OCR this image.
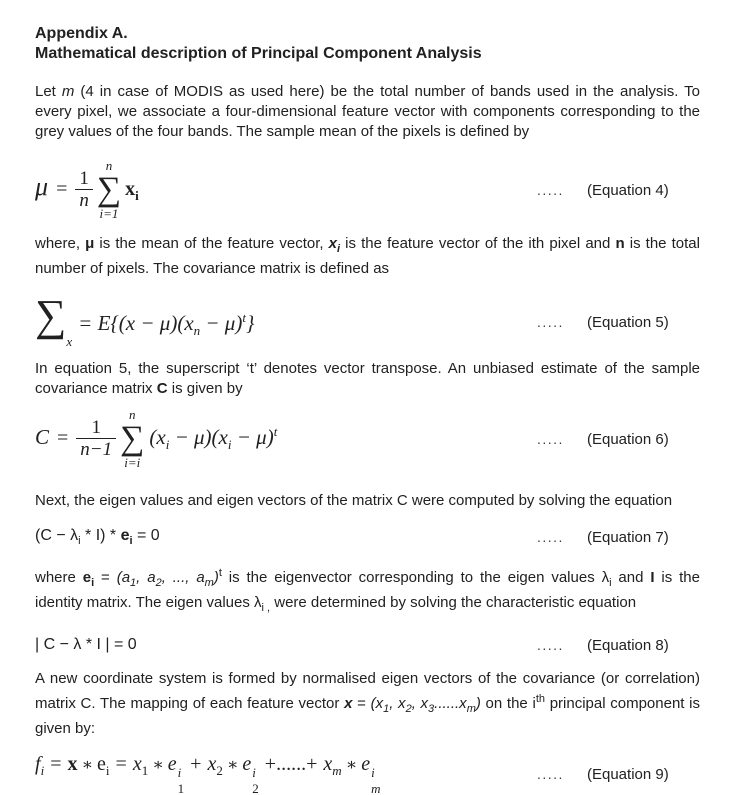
Appendix A.
Mathematical description of Principal Component Analysis

Let m (4 in case of MODIS as used here) be the total number of bands used in the analysis. To every pixel, we associate a four-dimensional feature vector with components corresponding to the grey values of the four bands. The sample mean of the pixels is defined by

$\mu = \frac{1}{n}$
n
∑
i=1
$x_i$	.....	(Equation 4)

where, μ is the mean of the feature vector, $x_i$ is the feature vector of the ith pixel and n is the total number of pixels. The covariance matrix is defined as

$\sum_x= E\{(x - \mu)(x_n - \mu)^t\}$	.....	(Equation 5)

In equation 5, the superscript ‘t’ denotes vector transpose. An unbiased estimate of the sample covariance matrix C is given by

$C = \frac{1}{n-1}$
n
∑
i=i
$(x_i - \mu)(x_i - \mu)^t$	.....	(Equation 6)

Next, the eigen values and eigen vectors of the matrix C were computed by solving the equation

$(C - \lambda_i * I) * e_i = 0$	.....	(Equation 7)

where $e_i = (a_1$, $a_2$, ..., $a_m)^t$ is the eigenvector corresponding to the eigen values $\lambda_i$ and I is the identity matrix. The eigen values $\lambda_{i ,}$ were determined by solving the characteristic equation

| C − λ * I | = 0	.....	(Equation 8)

A new coordinate system is formed by normalised eigen vectors of the covariance (or correlation) matrix C. The mapping of each feature vector $x = (x_1$, $x_2$, $x_3......x_m$) on the $i^{th}$ principal component is given by:

$f_i = x$ ∗ $e_i = x_1$ ∗ e i
1
+ $x_2$ ∗ e i
2
+......+ $x_m$ ∗ e i
m
.....	(Equation 9)
